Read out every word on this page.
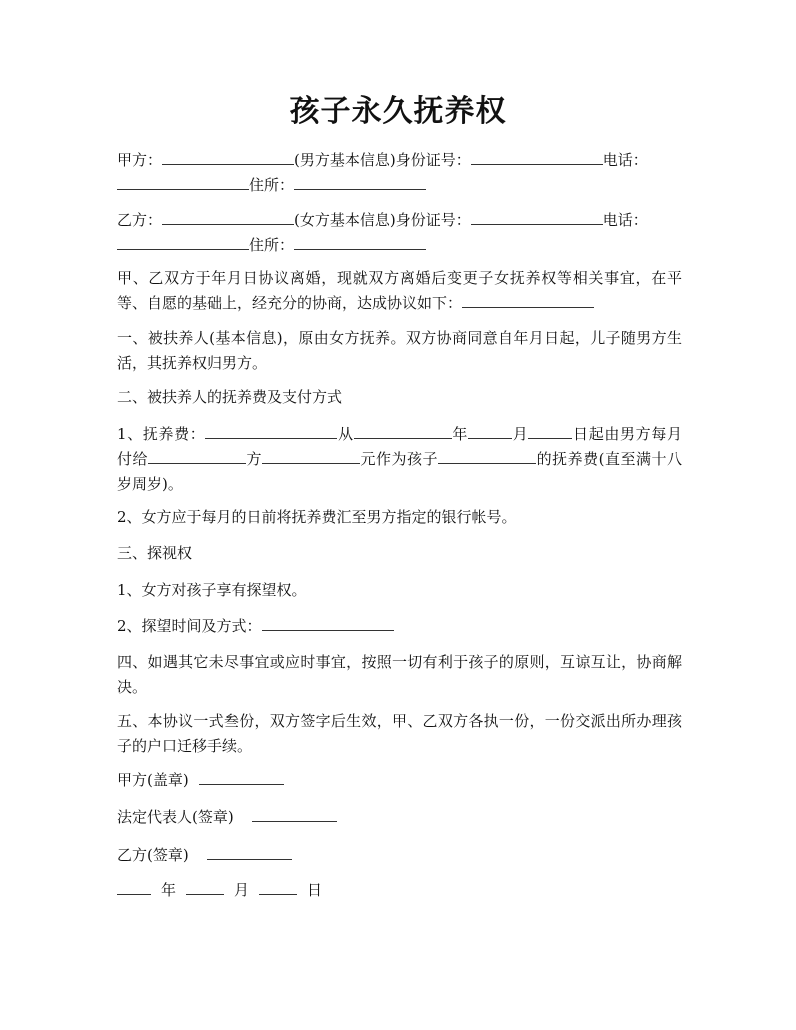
孩子永久抚养权

甲方：	(男方基本信息)身份证号：	电话：
住所：

乙方：	(女方基本信息)身份证号：	电话：
住所：

甲、乙双方于年月日协议离婚，现就双方离婚后变更子女抚养权等相关事宜，在平等、自愿的基础上，经充分的协商，达成协议如下：

一、被扶养人(基本信息)，原由女方抚养。双方协商同意自年月日起，儿子随男方生活，其抚养权归男方。

二、被扶养人的抚养费及支付方式

1、抚养费：	从	年	月	日起由男方每月付给	方	元作为孩子	的抚养费(直至满十八岁周岁)。

2、女方应于每月的日前将抚养费汇至男方指定的银行帐号。

三、探视权

1、女方对孩子享有探望权。

2、探望时间及方式：

四、如遇其它未尽事宜或应时事宜，按照一切有利于孩子的原则，互谅互让，协商解决。

五、本协议一式叁份，双方签字后生效，甲、乙双方各执一份，一份交派出所办理孩子的户口迁移手续。

甲方(盖章)

法定代表人(签章)

乙方(签章)

年	月	日
